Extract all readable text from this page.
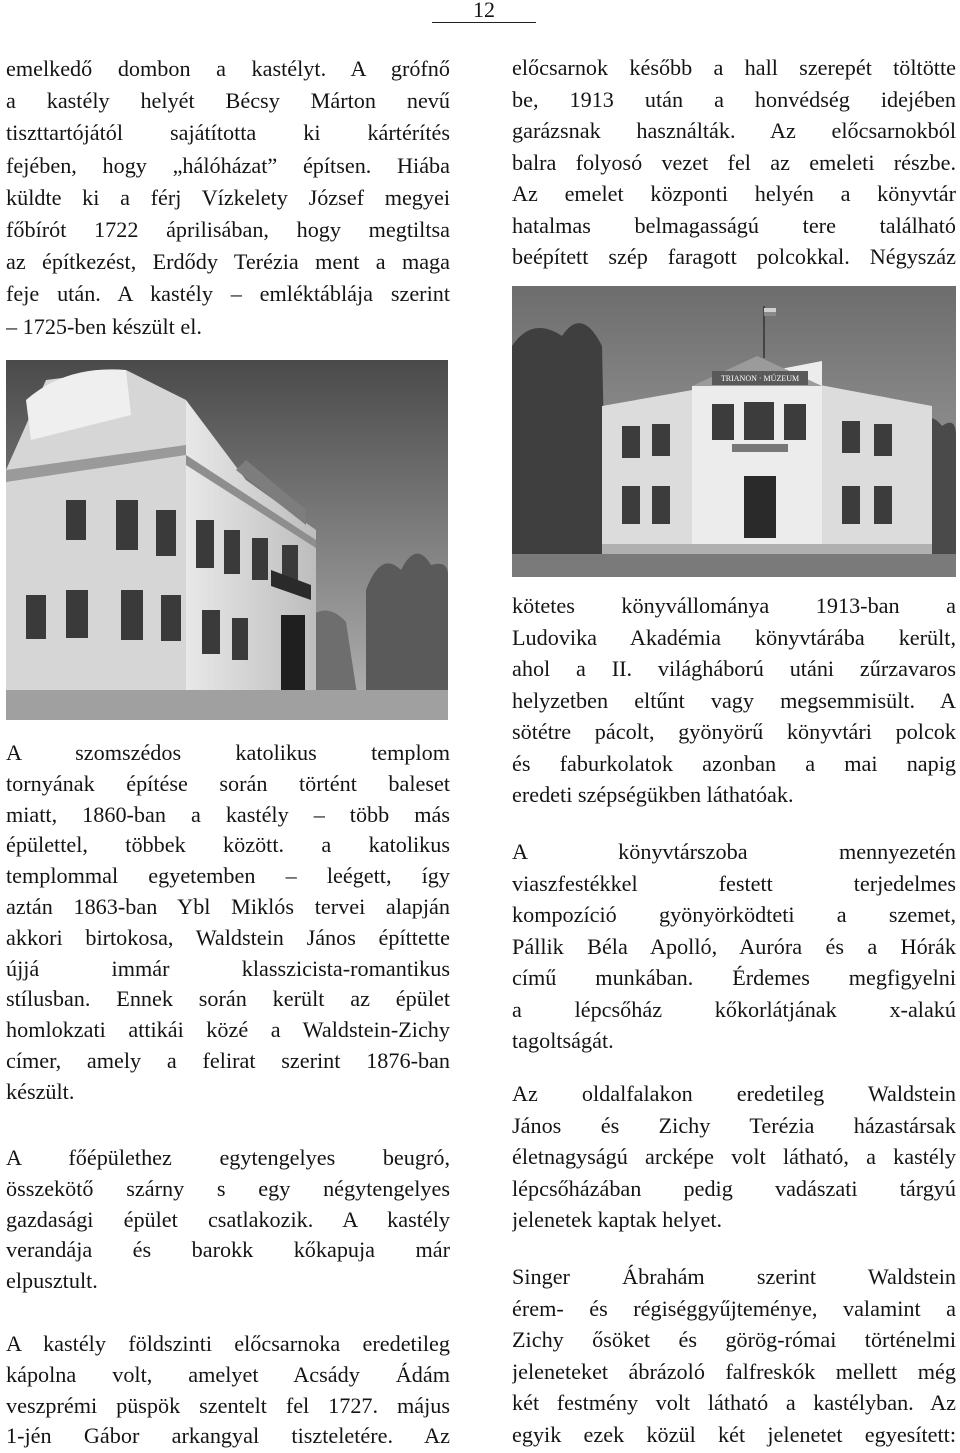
12
emelkedő dombon a kastélyt. A grófnő
a kastély helyét Bécsy Márton nevű
tiszttartójától sajátította ki kártérítés
fejében, hogy „hálóházat” építsen. Hiába
küldte ki a férj Vízkelety József megyei
főbírót 1722 áprilisában, hogy megtiltsa
az építkezést, Erdődy Terézia ment a maga
feje után. A kastély – emléktáblája szerint
– 1725-ben készült el.
A szomszédos katolikus templom
tornyának építése során történt baleset
miatt, 1860-ban a kastély – több más
épülettel, többek között. a katolikus
templommal egyetemben – leégett, így
aztán 1863-ban Ybl Miklós tervei alapján
akkori birtokosa, Waldstein János építtette
újjá immár klasszicista-romantikus
stílusban. Ennek során került az épület
homlokzati attikái közé a Waldstein-Zichy
címer, amely a felirat szerint 1876-ban
készült.
A főépülethez egytengelyes beugró,
összekötő szárny s egy négytengelyes
gazdasági épület csatlakozik. A kastély
verandája és barokk kőkapuja már
elpusztult.
A kastély földszinti előcsarnoka eredetileg
kápolna volt, amelyet Acsády Ádám
veszprémi püspök szentelt fel 1727. május
1-jén Gábor arkangyal tiszteletére. Az
előcsarnok később a hall szerepét töltötte
be, 1913 után a honvédség idejében
garázsnak használták. Az előcsarnokból
balra folyosó vezet fel az emeleti részbe.
Az emelet központi helyén a könyvtár
hatalmas belmagasságú tere található
beépített szép faragott polcokkal. Négyszáz
TRIANON · MÚZEUM
kötetes könyvállománya 1913-ban a
Ludovika Akadémia könyvtárába került,
ahol a II. világháború utáni zűrzavaros
helyzetben eltűnt vagy megsemmisült. A
sötétre pácolt, gyönyörű könyvtári polcok
és faburkolatok azonban a mai napig
eredeti szépségükben láthatóak.
A könyvtárszoba mennyezetén
viaszfestékkel festett terjedelmes
kompozíció gyönyörködteti a szemet,
Pállik Béla Apolló, Auróra és a Hórák
című munkában. Érdemes megfigyelni
a lépcsőház kőkorlátjának x-alakú
tagoltságát.
Az oldalfalakon eredetileg Waldstein
János és Zichy Terézia házastársak
életnagyságú arcképe volt látható, a kastély
lépcsőházában pedig vadászati tárgyú
jelenetek kaptak helyet.
Singer Ábrahám szerint Waldstein
érem- és régiséggyűjteménye, valamint a
Zichy ősöket és görög-római történelmi
jeleneteket ábrázoló falfreskók mellett még
két festmény volt látható a kastélyban. Az
egyik ezek közül két jelenetet egyesített:
